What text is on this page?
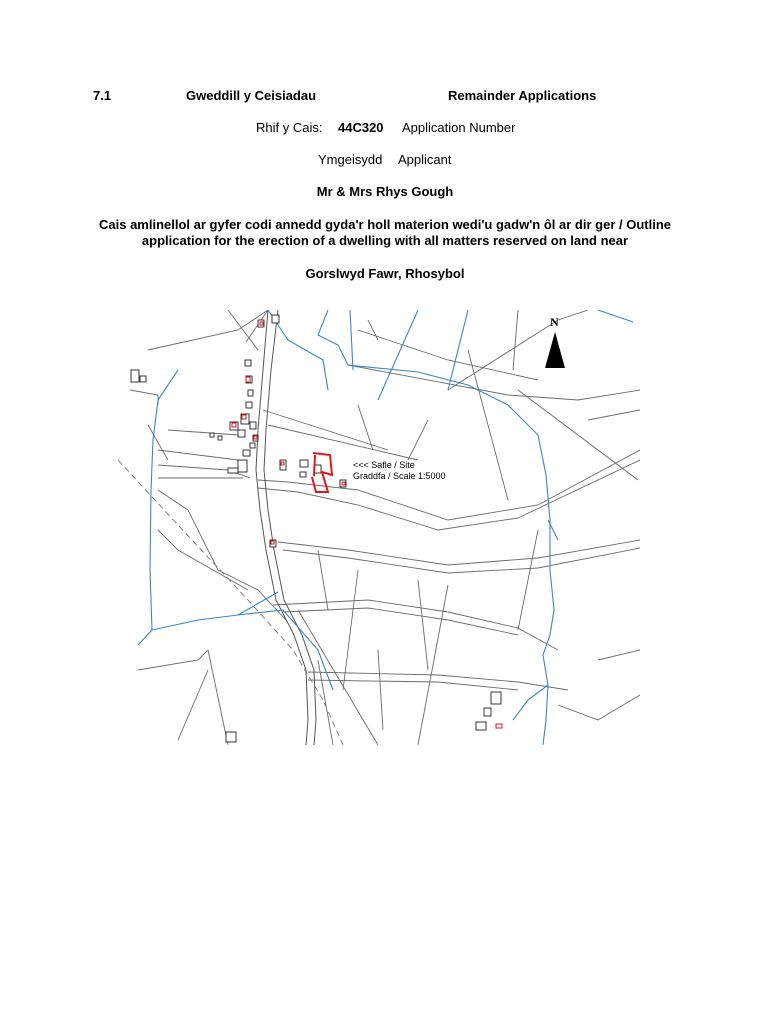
7.1	Gweddill y Ceisiadau	Remainder Applications
Rhif y Cais: 44C320 Application Number
Ymgeisydd Applicant
Mr & Mrs Rhys Gough
Cais amlinellol ar gyfer codi annedd gyda'r holl materion wedi'u gadw'n ôl ar dir ger / Outline
application for the erection of a dwelling with all matters reserved on land near
Gorslwyd Fawr, Rhosybol
N
<<< Safle / Site
Graddfa / Scale 1:5000
